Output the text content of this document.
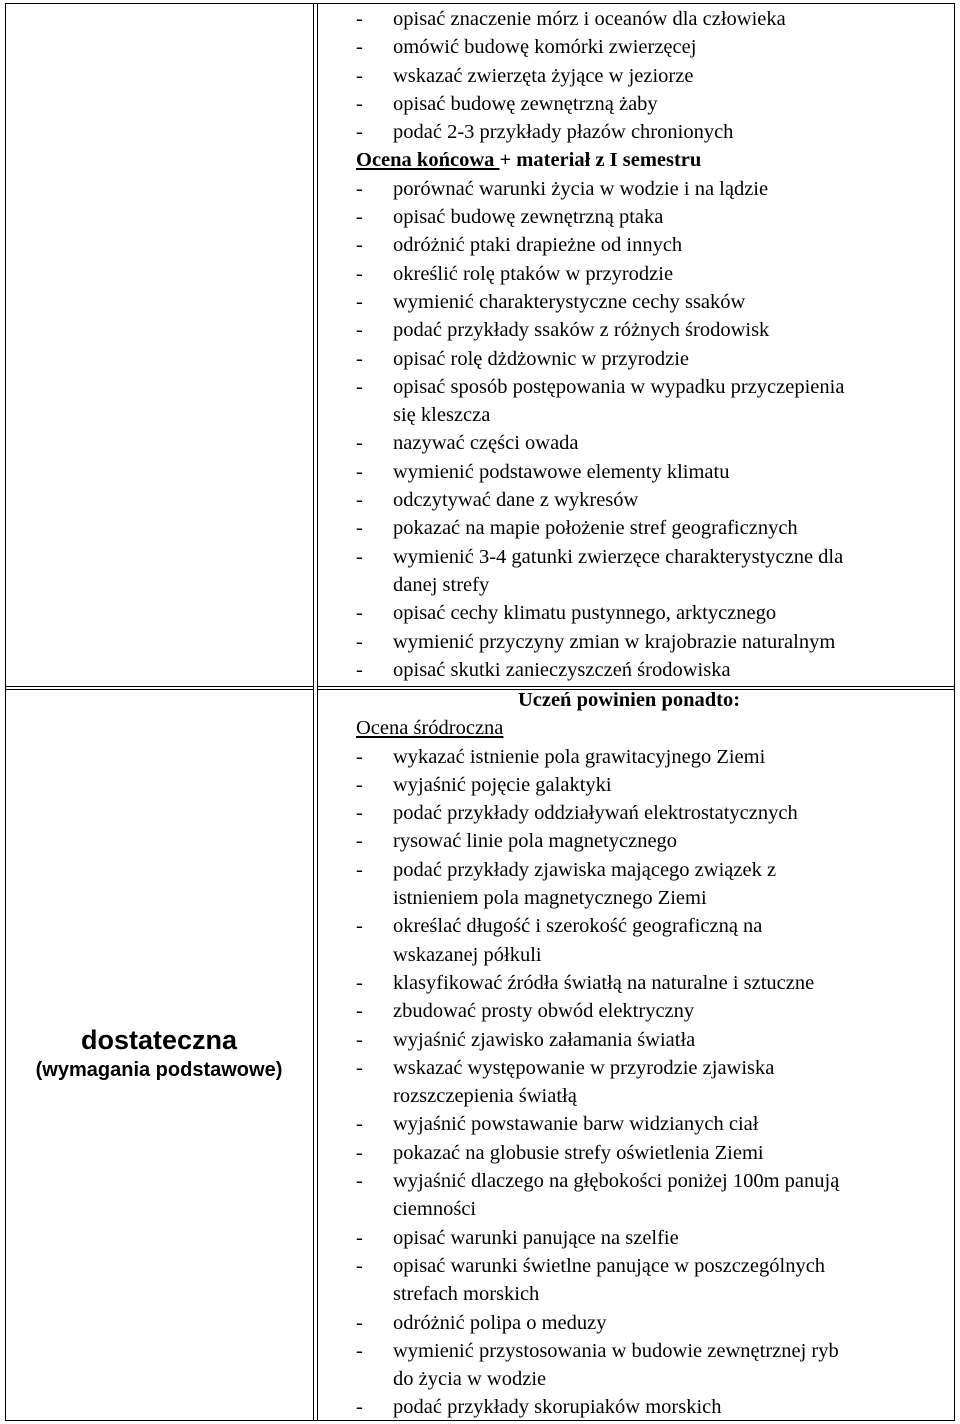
dostateczna
(wymagania podstawowe)
- opisać znaczenie mórz i oceanów dla człowieka
- omówić budowę komórki zwierzęcej
- wskazać zwierzęta żyjące w jeziorze
- opisać budowę zewnętrzną żaby
- podać 2-3 przykłady płazów chronionych
Ocena końcowa + materiał z I semestru
- porównać warunki życia w wodzie i na lądzie
- opisać budowę zewnętrzną ptaka
- odróżnić ptaki drapieżne od innych
- określić rolę ptaków w przyrodzie
- wymienić charakterystyczne cechy ssaków
- podać przykłady ssaków z różnych środowisk
- opisać rolę dżdżownic w przyrodzie
- opisać sposób postępowania w wypadku przyczepienia
się kleszcza
- nazywać części owada
- wymienić podstawowe elementy klimatu
- odczytywać dane z wykresów
- pokazać na mapie położenie stref geograficznych
- wymienić 3-4 gatunki zwierzęce charakterystyczne dla
danej strefy
- opisać cechy klimatu pustynnego, arktycznego
- wymienić przyczyny zmian w krajobrazie naturalnym
- opisać skutki zanieczyszczeń środowiska
Uczeń powinien ponadto:
Ocena śródroczna
- wykazać istnienie pola grawitacyjnego Ziemi
- wyjaśnić pojęcie galaktyki
- podać przykłady oddziaływań elektrostatycznych
- rysować linie pola magnetycznego
- podać przykłady zjawiska mającego związek z
istnieniem pola magnetycznego Ziemi
- określać długość i szerokość geograficzną na
wskazanej półkuli
- klasyfikować źródła światłą na naturalne i sztuczne
- zbudować prosty obwód elektryczny
- wyjaśnić zjawisko załamania światła
- wskazać występowanie w przyrodzie zjawiska
rozszczepienia światłą
- wyjaśnić powstawanie barw widzianych ciał
- pokazać na globusie strefy oświetlenia Ziemi
- wyjaśnić dlaczego na głębokości poniżej 100m panują
ciemności
- opisać warunki panujące na szelfie
- opisać warunki świetlne panujące w poszczególnych
strefach morskich
- odróżnić polipa o meduzy
- wymienić przystosowania w budowie zewnętrznej ryb
do życia w wodzie
- podać przykłady skorupiaków morskich
